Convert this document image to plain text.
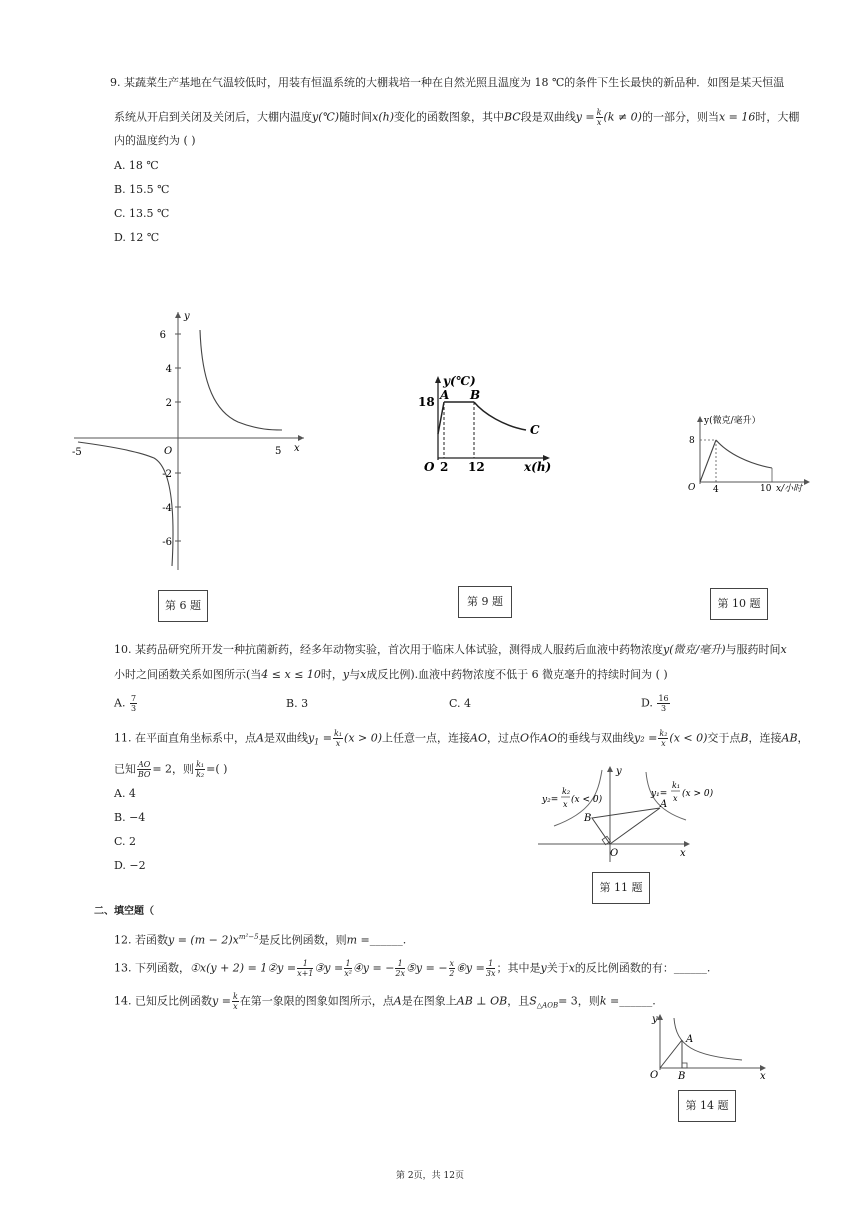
9. 某蔬菜生产基地在气温较低时，用装有恒温系统的大棚栽培一种在自然光照且温度为 18 ℃的条件下生长最快的新品种．如图是某天恒温
系统从开启到关闭及关闭后，大棚内温度y(℃)随时间x(h)变化的函数图象，其中BC段是双曲线$y = \frac{k}{x} (k \ne 0)$的一部分，则当x = 16时，大棚
内的温度约为 ( )
A. 18 ℃
B. 15.5 ℃
C. 13.5 ℃
D. 12 ℃
y
x
O
6
4
2
-2
-4
-6
-5	5
第 6 题
y(℃)
A B
C
18
O 2 12	x(h)
第 9 题
y(微克/毫升）
8
O 4	10 x/小时
第 10 题
10. 某药品研究所开发一种抗菌新药，经多年动物实验，首次用于临床人体试验，测得成人服药后血液中药物浓度y(微克/毫升)与服药时间x
小时之间函数关系如图所示(当4 ≤ x ≤ 10时，y与x成反比例).血液中药物浓度不低于 6 微克毫升的持续时间为 ( )
A. $\frac{7}{3}$	B. 3	C. 4	D. $\frac{16}{3}$
11. 在平面直角坐标系中，点A是双曲线$y_1 = \frac{\text{k₁}}{x} (x > 0)$上任意一点，连接AO，过点O作AO的垂线与双曲线$y_2 = \frac{\text{k₂}}{x} (x < 0)$交于点B，连接AB，
已知 $\frac{AO}{BO} = 2$，则 $\frac{\text{k₁}}{\text{k₂}}$ =( )
A. 4
B. −4
C. 2
D. −2
y₂=
k₂
x (x < 0)
y₁=
k₁
x (x > 0)
A
B
O	x
y
第 11 题
二、填空题（
12. 若函数$y = (m - 2)x^{m^2-5}$是反比例函数，则m =______.
13. 下列函数，①x(y + 2) = 1②y = $\frac{1}{x+1}$ ③y = $\frac{1}{\text{x²}}$ ④y = − $\frac{1}{2x}$ ⑤y = − $\frac{x}{2}$ ⑥y = $\frac{1}{3x}$ ；其中是y关于x的反比例函数的有：______.
14. 已知反比例函数$y = \frac{k}{x}$ 在第一象限的图象如图所示，点A是在图象上AB ⊥ OB，且$S_{\triangle AOB}= 3$，则k =______.
y
x
O
A
B
第 14 题
第 2页，共 12页
